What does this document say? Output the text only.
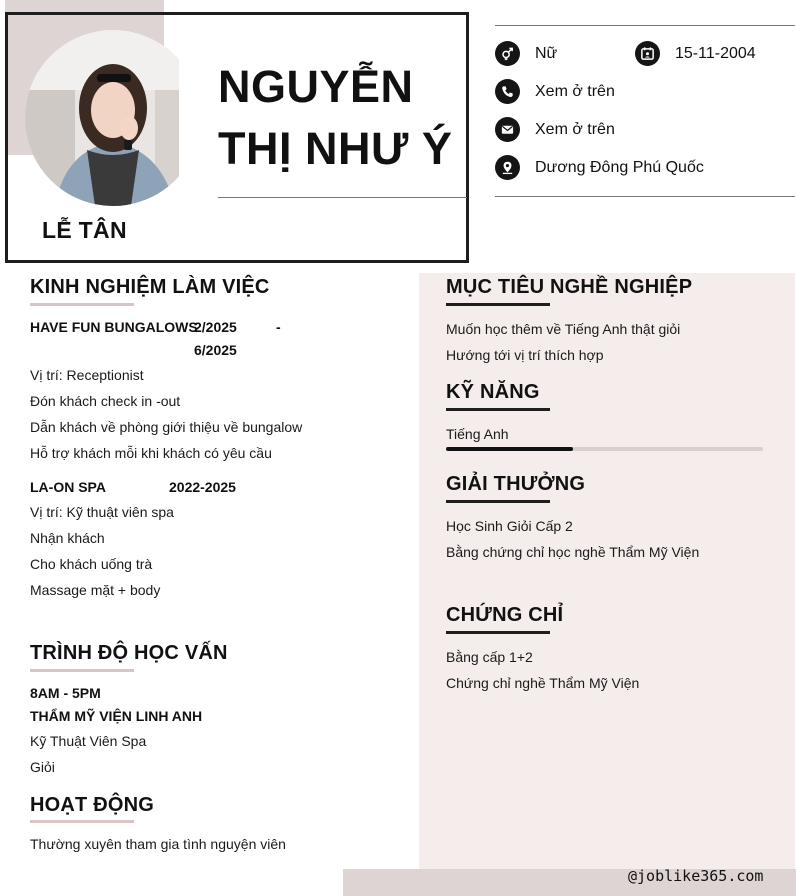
LỄ TÂN
NGUYỄN
THỊ NHƯ Ý
Nữ	15-11-2004
Xem ở trên
Xem ở trên
Dương Đông Phú Quốc
KINH NGHIỆM LÀM VIỆC
HAVE FUN BUNGALOWS
2/2025	-
6/2025
Vị trí: Receptionist
Đón khách check in -out
Dẫn khách về phòng giới thiệu về bungalow
Hỗ trợ khách mỗi khi khách có yêu cầu
LA-ON SPA	2022-2025
Vị trí: Kỹ thuật viên spa
Nhận khách
Cho khách uống trà
Massage mặt + body
TRÌNH ĐỘ HỌC VẤN
8AM - 5PM
THẨM MỸ VIỆN LINH ANH
Kỹ Thuật Viên Spa
Giỏi
HOẠT ĐỘNG
Thường xuyên tham gia tình nguyện viên
MỤC TIÊU NGHỀ NGHIỆP
Muốn học thêm về Tiếng Anh thật giỏi
Hướng tới vị trí thích hợp
KỸ NĂNG
Tiếng Anh
GIẢI THƯỞNG
Học Sinh Giỏi Cấp 2
Bằng chứng chỉ học nghề Thẩm Mỹ Viện
CHỨNG CHỈ
Bằng cấp 1+2
Chứng chỉ nghề Thẩm Mỹ Viện
@joblike365.com
